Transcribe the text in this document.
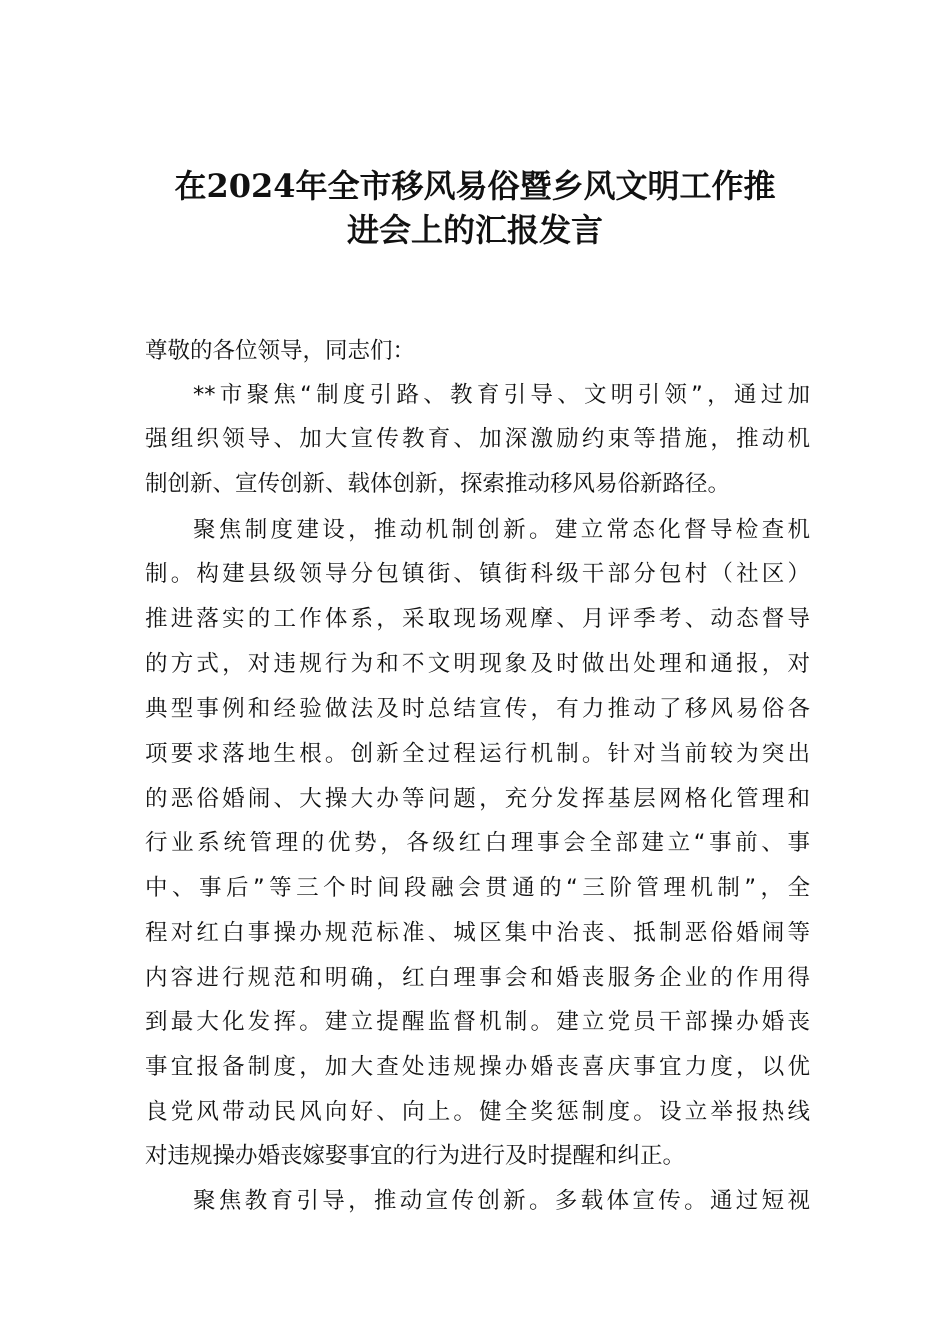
在2024年全市移风易俗暨乡风文明工作推
进会上的汇报发言
尊敬的各位领导，同志们：
**市聚焦“制度引路、教育引导、文明引领”，通过加
强组织领导、加大宣传教育、加深激励约束等措施，推动机
制创新、宣传创新、载体创新，探索推动移风易俗新路径。
聚焦制度建设，推动机制创新。建立常态化督导检查机
制。构建县级领导分包镇街、镇街科级干部分包村（社区）
推进落实的工作体系，采取现场观摩、月评季考、动态督导
的方式，对违规行为和不文明现象及时做出处理和通报，对
典型事例和经验做法及时总结宣传，有力推动了移风易俗各
项要求落地生根。创新全过程运行机制。针对当前较为突出
的恶俗婚闹、大操大办等问题，充分发挥基层网格化管理和
行业系统管理的优势，各级红白理事会全部建立“事前、事
中、事后”等三个时间段融会贯通的“三阶管理机制”，全
程对红白事操办规范标准、城区集中治丧、抵制恶俗婚闹等
内容进行规范和明确，红白理事会和婚丧服务企业的作用得
到最大化发挥。建立提醒监督机制。建立党员干部操办婚丧
事宜报备制度，加大查处违规操办婚丧喜庆事宜力度，以优
良党风带动民风向好、向上。健全奖惩制度。设立举报热线
对违规操办婚丧嫁娶事宜的行为进行及时提醒和纠正。
聚焦教育引导，推动宣传创新。多载体宣传。通过短视
